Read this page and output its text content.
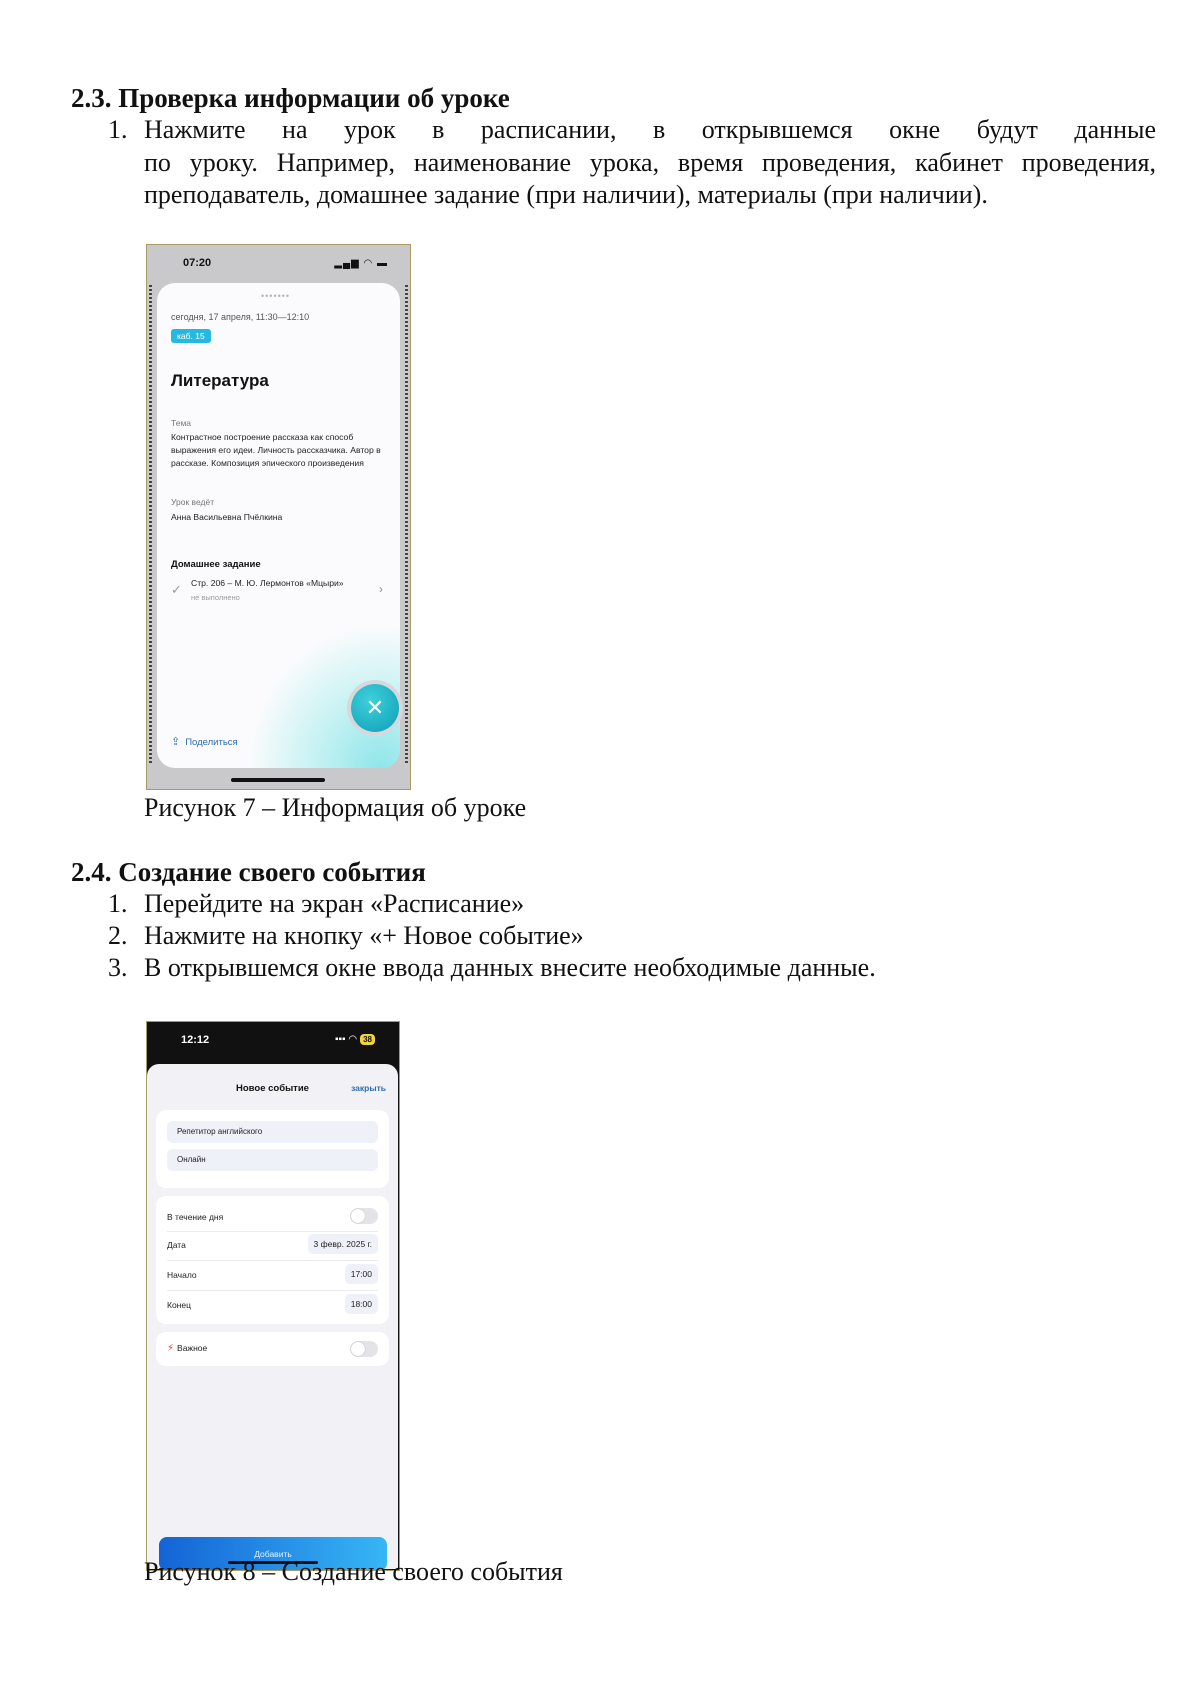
2.3. Проверка информации об уроке
1. Нажмите на урок в расписании, в открывшемся окне будут данные
по уроку. Например, наименование урока, время проведения, кабинет проведения, преподаватель, домашнее задание (при наличии), материалы (при наличии).
07:20	▂▄▆ ◠ ▬
•••••••
сегодня, 17 апреля, 11:30—12:10
каб. 15
Литература
Тема
Контрастное построение рассказа как способ выражения его идеи. Личность рассказчика. Автор в рассказе. Композиция эпического произведения
Урок ведёт
Анна Васильевна Пчёлкина
Домашнее задание
✓ Стр. 206 – М. Ю. Лермонтов «Мцыри»
не выполнено
›
⇪ Поделиться
✕
Рисунок 7 – Информация об уроке
2.4. Создание своего события
1. Перейдите на экран «Расписание»
2. Нажмите на кнопку «+ Новое событие»
3. В открывшемся окне ввода данных внесите необходимые данные.
12:12	▪▪▪ ◠ 38
Новое событие	закрыть
Репетитор английского
Онлайн
В течение дня
Дата	3 февр. 2025 г.
Начало	17:00
Конец	18:00
⚡ Важное
Добавить
Рисунок 8 – Создание своего события
